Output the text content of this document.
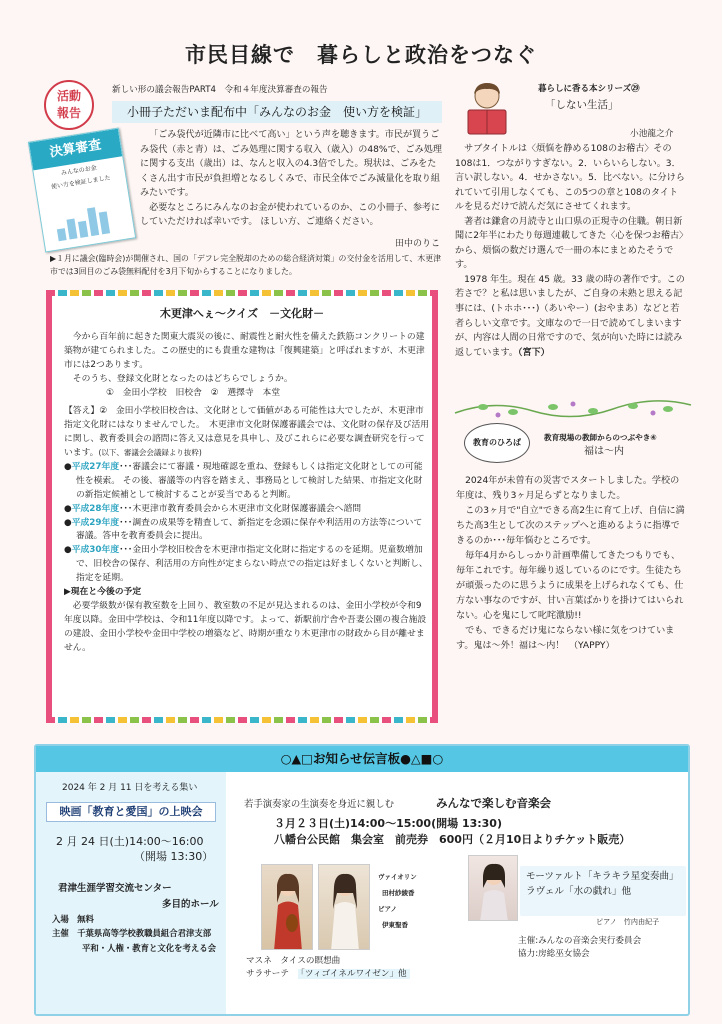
市民目線で　暮らしと政治をつなぐ
活動
報告
新しい形の議会報告PART4　令和４年度決算審査の報告
小冊子ただいま配布中「みんなのお金　使い方を検証」
決算審査
みんなのお金
使い方を検証しました
「ごみ袋代が近隣市に比べて高い」という声を聴きます。市民が買うごみ袋代（赤と青）は、ごみ処理に関する収入（歳入）の48%で、ごみ処理に関する支出（歳出）は、なんと収入の4.3倍でした。現状は、ごみをたくさん出す市民が負担増となるしくみで、市民全体でごみ減量化を取り組みたいです。
必要なところにみんなのお金が使われているのか、この小冊子、参考にしていただければ幸いです。 ほしい方、ご連絡ください。
田中のりこ
▶１月に議会(臨時会)が開催され、国の「デフレ完全脱却のための総合経済対策」の交付金を活用して、木更津市では3回目のごみ袋無料配付を3月下旬からすることになりました。
木更津へぇ～クイズ　－文化財－
今から百年前に起きた関東大震災の後に、耐震性と耐火性を備えた鉄筋コンクリートの建築物が建てられました。この歴史的にも貴重な建物は「復興建築」と呼ばれますが、木更津市には2つあります。
そのうち、登録文化財となったのはどちらでしょうか。
①　金田小学校　旧校舎　②　選擇寺　本堂
【答え】②　金田小学校旧校舎は、文化財として価値がある可能性は大でしたが、木更津市指定文化財にはなりませんでした。　木更津市文化財保護審議会では、文化財の保存及び活用に関し、教育委員会の諮問に答え又は意見を具申し、及びこれらに必要な調査研究を行っています。(以下、審議会会議録より抜粋)
●平成27年度･･･審議会にて審議・現地確認を重ね、登録もしくは指定文化財としての可能性を模索。 その後、審議等の内容を踏まえ、事務局として検討した結果、市指定文化財の新指定候補として検討することが妥当であると判断。
●平成28年度･･･木更津市教育委員会から木更津市文化財保護審議会へ諮問
●平成29年度･･･調査の成果等を精査して、新指定を念頭に保存や利活用の方法等について審議。答申を教育委員会に提出。
●平成30年度･･･金田小学校旧校舎を木更津市指定文化財に指定するのを延期。児童数増加で、旧校舎の保存、利活用の方向性が定まらない時点での指定は好ましくないと判断し、指定を延期。
▶現在と今後の予定
必要学級数が保有教室数を上回り、教室数の不足が見込まれるのは、金田小学校が令和9年度以降。金田中学校は、令和11年度以降です。よって、新駅前庁舎や吾妻公園の複合施設の建設、金田小学校や金田中学校の増築など、時期が重なり木更津市の財政から目が離せません。
暮らしに香る本シリーズ㉙
「しない生活」
小池龍之介
サブタイトルは〈煩悩を静める108のお稽古〉その108は1．つながりすぎない。2．いらいらしない。3．言い訳しない。4．せかさない。5．比べない。に分けられていて引用しなくても、この5つの章と108のタイトルを見るだけで読んだ気にさせてくれます。
著者は鎌倉の月読寺と山口県の正現寺の住職。朝日新聞に2年半にわたり毎週連載してきた〈心を保つお稽古〉から、煩悩の数だけ選んで一冊の本にまとめたそうです。
1978 年生。現在 45 歳。33 歳の時の著作です。この若さで？と私は思いましたが、ご自身の未熟と思える記事には、(トホホ･･･)（あいやー）(おやまあ）などと若者らしい文章です。文庫なので一日で読めてしまいますが、内容は人間の日常ですので、気が向いた時には読み返しています。（宮下）
教育のひろば
教育現場の教師からのつぶやき④
福は～内
2024年が未曽有の災害でスタートしました。学校の年度は、残り3ヶ月足らずとなりました。
この3ヶ月で"自立"できる高2生に育て上げ、自信に満ちた高3生として次のステップへと進めるように指導できるのか･･･毎年悩むところです。
毎年4月からしっかり計画準備してきたつもりでも、毎年これです。毎年繰り返しているのにです。生徒たちが頑張ったのに思うように成果を上げられなくても、仕方ない事なのですが、甘い言葉ばかりを掛けてはいられない。心を鬼にして叱咤激励!!
でも、できるだけ鬼にならない様に気をつけています。鬼は～外！福は～内！　 （YAPPY）
○▲□お知らせ伝言板●△■○
2024 年 2 月 11 日を考える集い
映画「教育と愛国」の上映会
2 月 24 日(土)14:00～16:00
（開場 13:30）
君津生涯学習交流センター
多目的ホール
入場　無料
主催　 千葉県高等学校教職員組合君津支部
平和・人権・教育と文化を考える会
若手演奏家の生演奏を身近に親しむ	みんなで楽しむ音楽会
３月２３日(土)14:00～15:00(開場 13:30)
八幡台公民館　集会室　前売券　600円（２月10日よりチケット販売）
ヴァイオリン
田村紗綾香
ピアノ
伊東聖香
マスネ　タイスの瞑想曲
サラサーテ　 「ツィゴイネルワイゼン」他
モーツァルト「キラキラ星変奏曲」
ラヴェル「水の戯れ」他
ピアノ　竹内由紀子
主催:みんなの音楽会実行委員会
協力:房総巫女協会
